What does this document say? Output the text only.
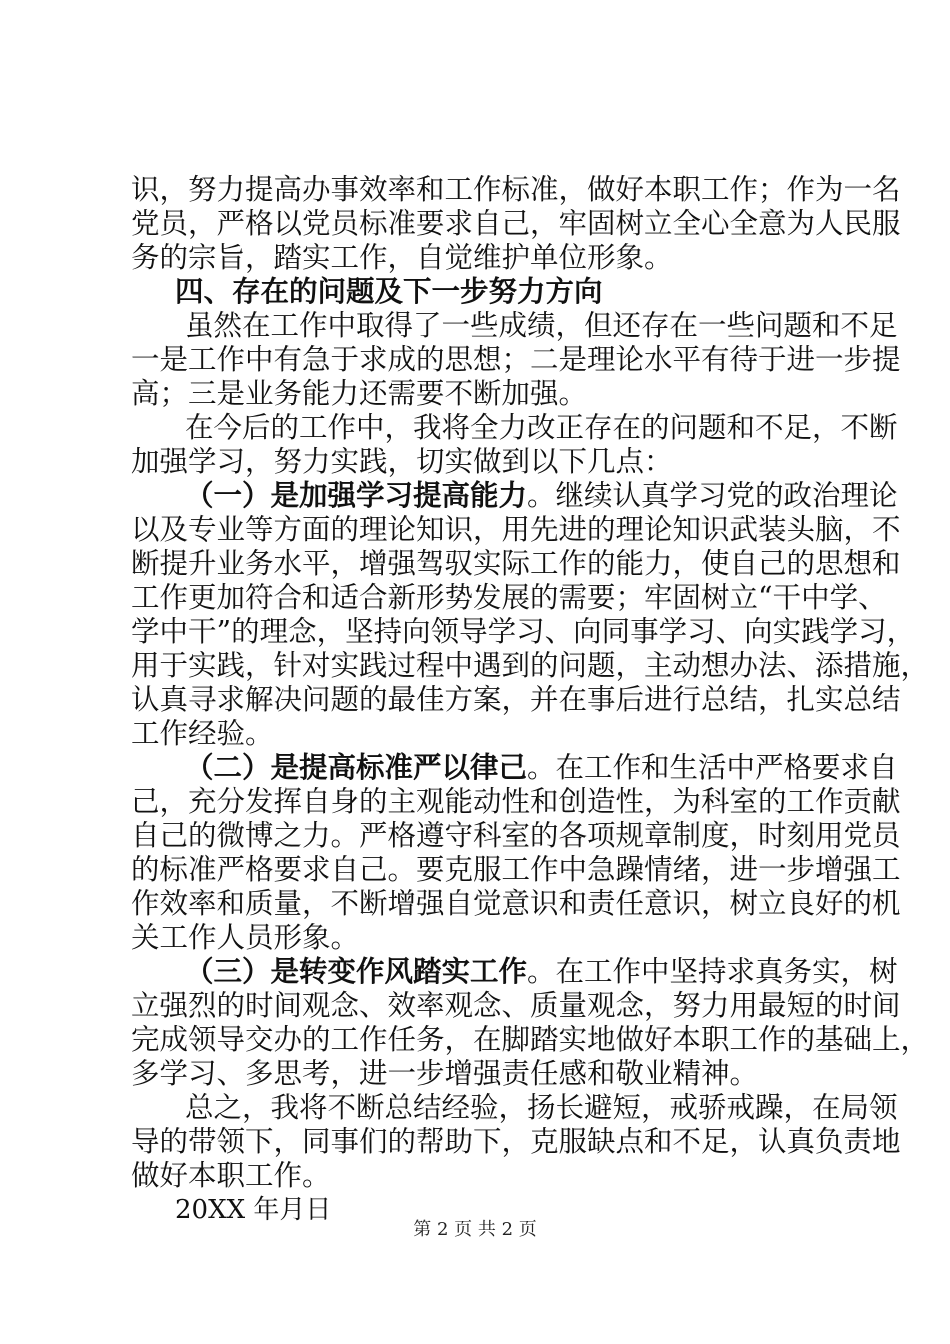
识，努力提高办事效率和工作标准，做好本职工作；作为一名
党员，严格以党员标准要求自己，牢固树立全心全意为人民服
务的宗旨，踏实工作，自觉维护单位形象。
四、存在的问题及下一步努力方向
虽然在工作中取得了一些成绩，但还存在一些问题和不足
一是工作中有急于求成的思想；二是理论水平有待于进一步提
高；三是业务能力还需要不断加强。
在今后的工作中，我将全力改正存在的问题和不足，不断
加强学习，努力实践，切实做到以下几点：
（一）是加强学习提高能力。继续认真学习党的政治理论
以及专业等方面的理论知识，用先进的理论知识武装头脑，不
断提升业务水平，增强驾驭实际工作的能力，使自己的思想和
工作更加符合和适合新形势发展的需要；牢固树立“干中学、
学中干”的理念，坚持向领导学习、向同事学习、向实践学习，
用于实践，针对实践过程中遇到的问题，主动想办法、添措施，
认真寻求解决问题的最佳方案，并在事后进行总结，扎实总结
工作经验。
（二）是提高标准严以律己。在工作和生活中严格要求自
己，充分发挥自身的主观能动性和创造性，为科室的工作贡献
自己的微博之力。严格遵守科室的各项规章制度，时刻用党员
的标准严格要求自己。要克服工作中急躁情绪，进一步增强工
作效率和质量，不断增强自觉意识和责任意识，树立良好的机
关工作人员形象。
（三）是转变作风踏实工作。在工作中坚持求真务实，树
立强烈的时间观念、效率观念、质量观念，努力用最短的时间
完成领导交办的工作任务，在脚踏实地做好本职工作的基础上，
多学习、多思考，进一步增强责任感和敬业精神。
总之，我将不断总结经验，扬长避短，戒骄戒躁，在局领
导的带领下，同事们的帮助下，克服缺点和不足，认真负责地
做好本职工作。
20XX 年月日
第 2 页 共 2 页
